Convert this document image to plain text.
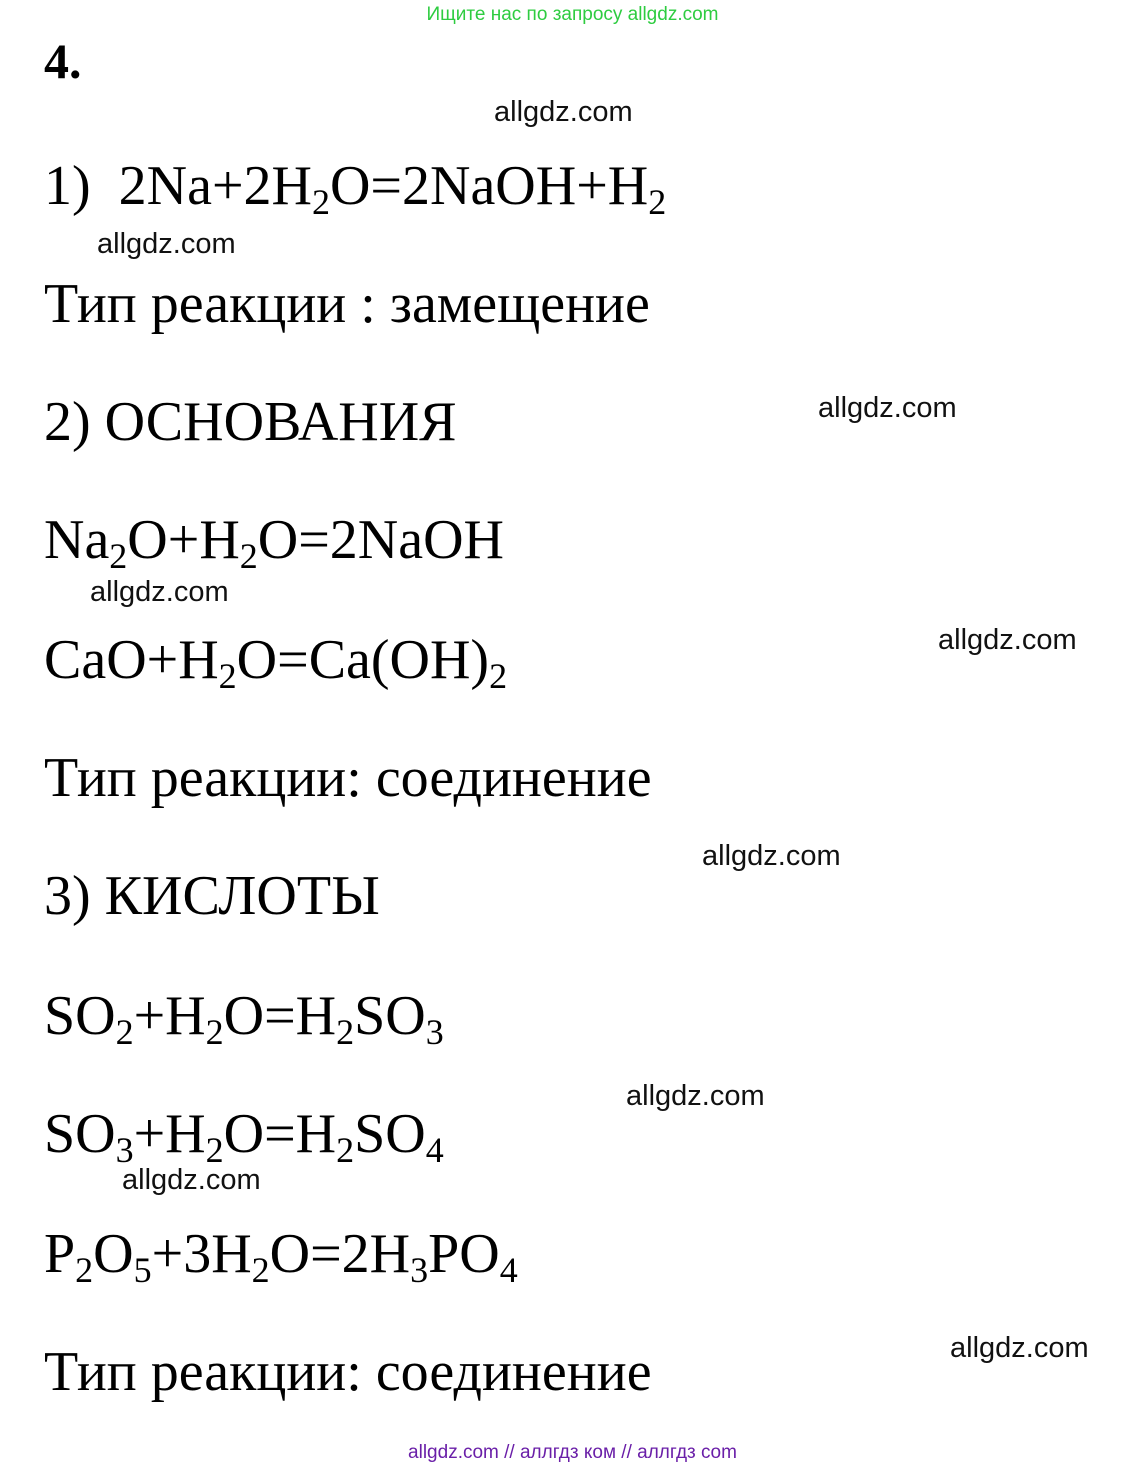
Ищите нас по запросу allgdz.com
4.
allgdz.com
1) $2Na+2H_2O=2NaOH+H_2$
allgdz.com
Тип реакции : замещение
2) ОСНОВАНИЯ	allgdz.com
$Na_2O+H_2O=2NaOH$
allgdz.com
$CaO+H_2O=Ca(OH)_2$
allgdz.com
Тип реакции: соединение
allgdz.com
3) КИСЛОТЫ
$SO_2+H_2O=H_2SO_3$
allgdz.com
$SO_3+H_2O=H_2SO_4$
allgdz.com
$P_2O_5+3H_2O=2H_3PO_4$
allgdz.com
Тип реакции: соединение
allgdz.com // аллгдз ком // аллгдз com
